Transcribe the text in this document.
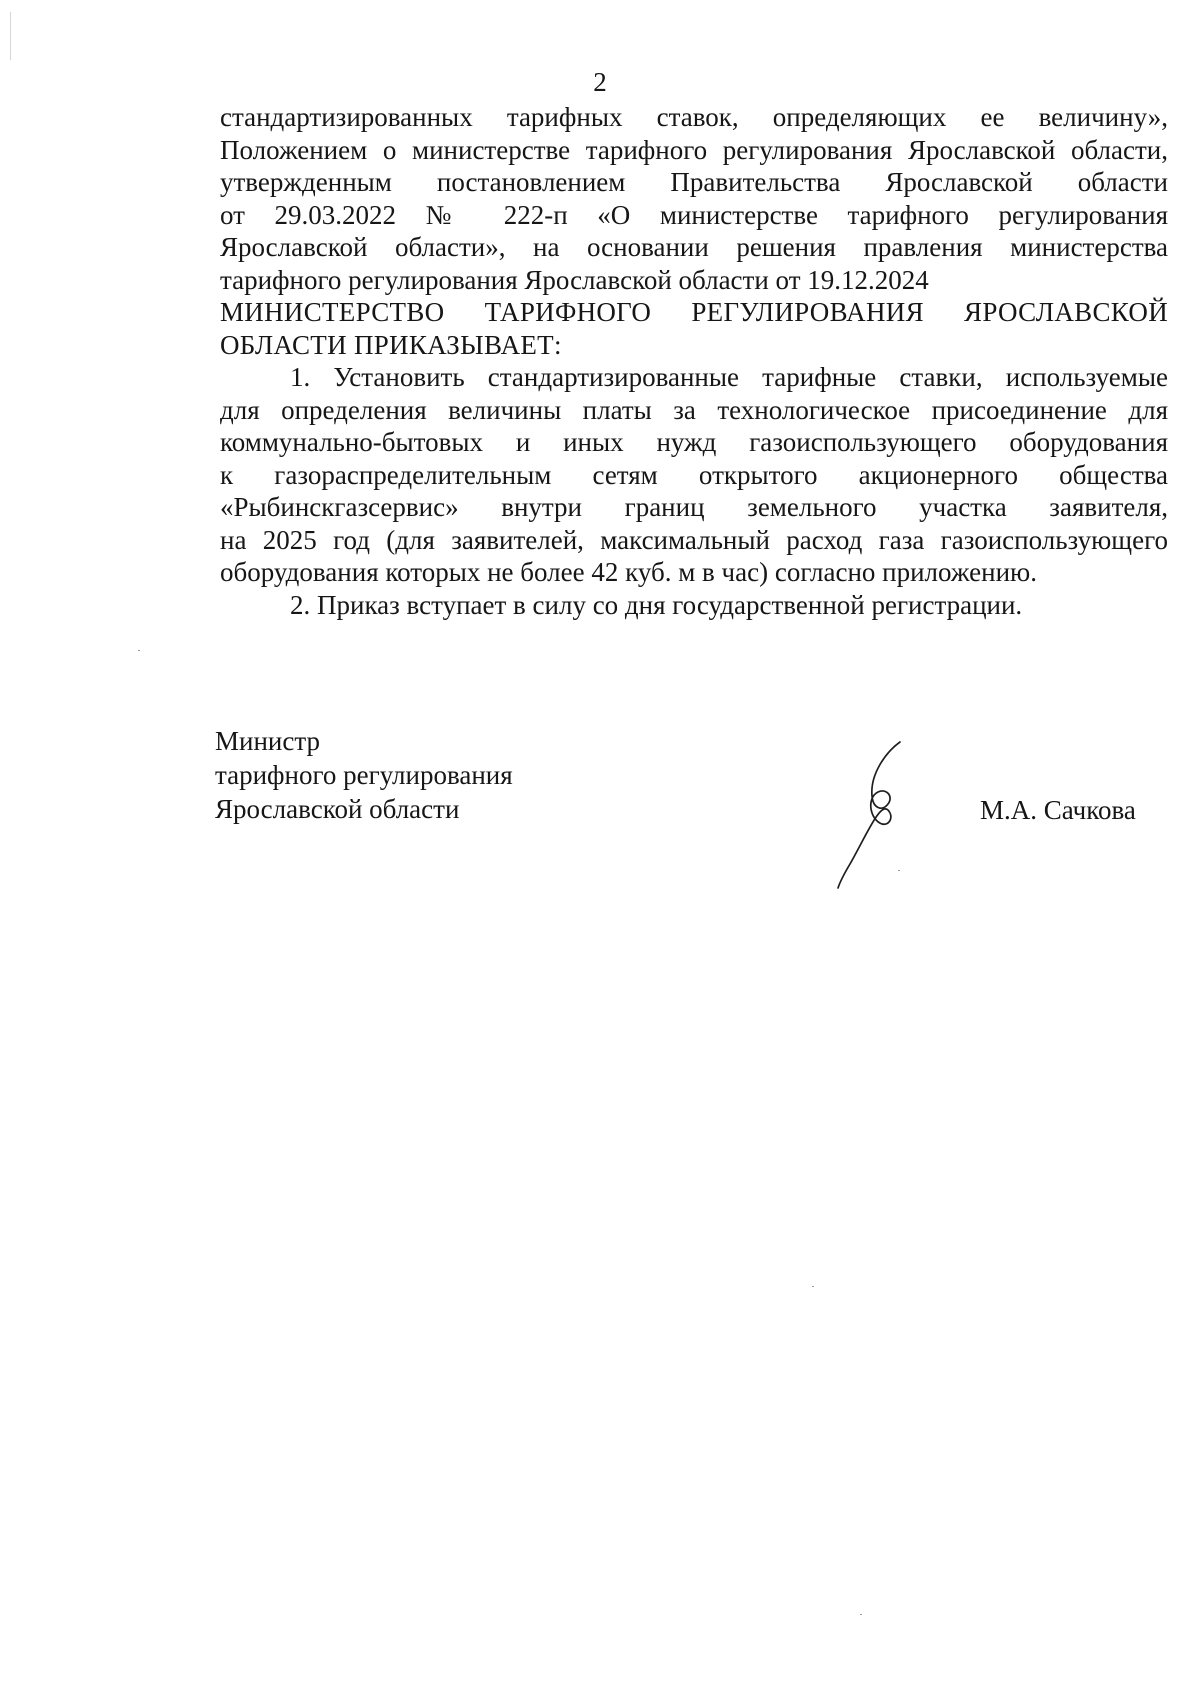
2
стандартизированных тарифных ставок, определяющих ее величину»,
Положением о министерстве тарифного регулирования Ярославской области,
утвержденным постановлением Правительства Ярославской области
от 29.03.2022 № 222-п «О министерстве тарифного регулирования
Ярославской области», на основании решения правления министерства
тарифного регулирования Ярославской области от 19.12.2024
МИНИСТЕРСТВО ТАРИФНОГО РЕГУЛИРОВАНИЯ ЯРОСЛАВСКОЙ
ОБЛАСТИ ПРИКАЗЫВАЕТ:
1. Установить стандартизированные тарифные ставки, используемые
для определения величины платы за технологическое присоединение для
коммунально-бытовых и иных нужд газоиспользующего оборудования
к газораспределительным сетям открытого акционерного общества
«Рыбинскгазсервис» внутри границ земельного участка заявителя,
на 2025 год (для заявителей, максимальный расход газа газоиспользующего
оборудования которых не более 42 куб. м в час) согласно приложению.
2. Приказ вступает в силу со дня государственной регистрации.
Министр
тарифного регулирования
Ярославской области	М.А. Сачкова
